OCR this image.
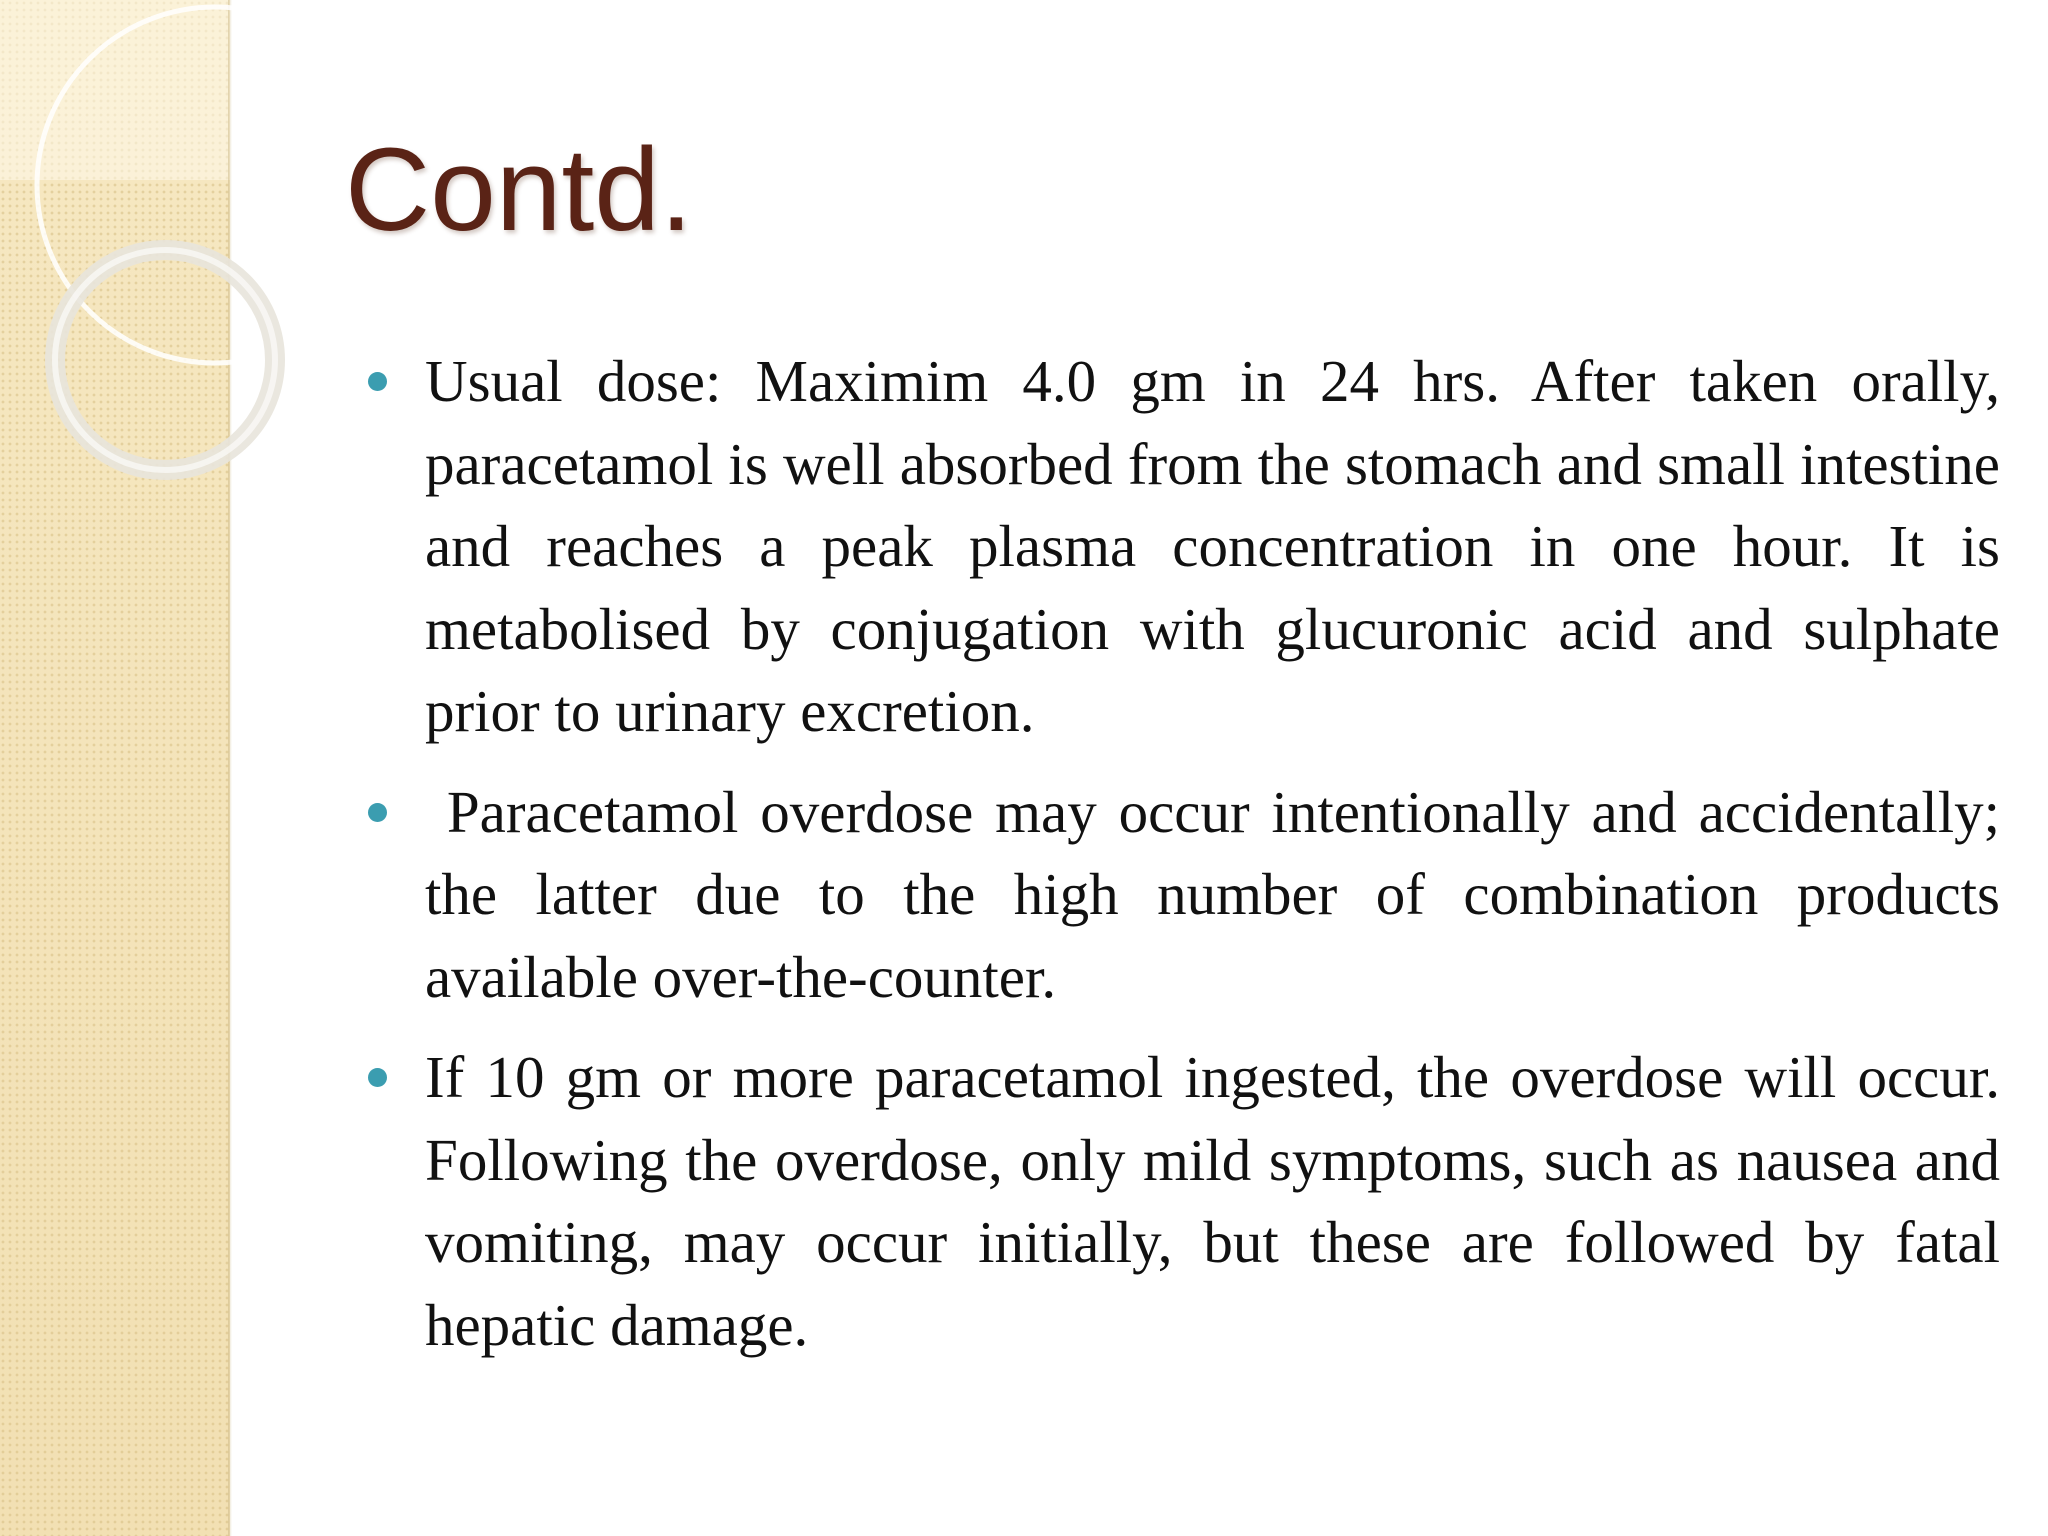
Contd.
Usual dose: Maximim 4.0 gm in 24 hrs. After taken orally, paracetamol is well absorbed from the stomach and small intestine and reaches a peak plasma concentration in one hour. It is metabolised by conjugation with glucuronic acid and sulphate prior to urinary excretion.
Paracetamol overdose may occur intentionally and accidentally; the latter due to the high number of combination products available over-the-counter.
If 10 gm or more paracetamol ingested, the overdose will occur. Following the overdose, only mild symptoms, such as nausea and vomiting, may occur initially, but these are followed by fatal hepatic damage.
